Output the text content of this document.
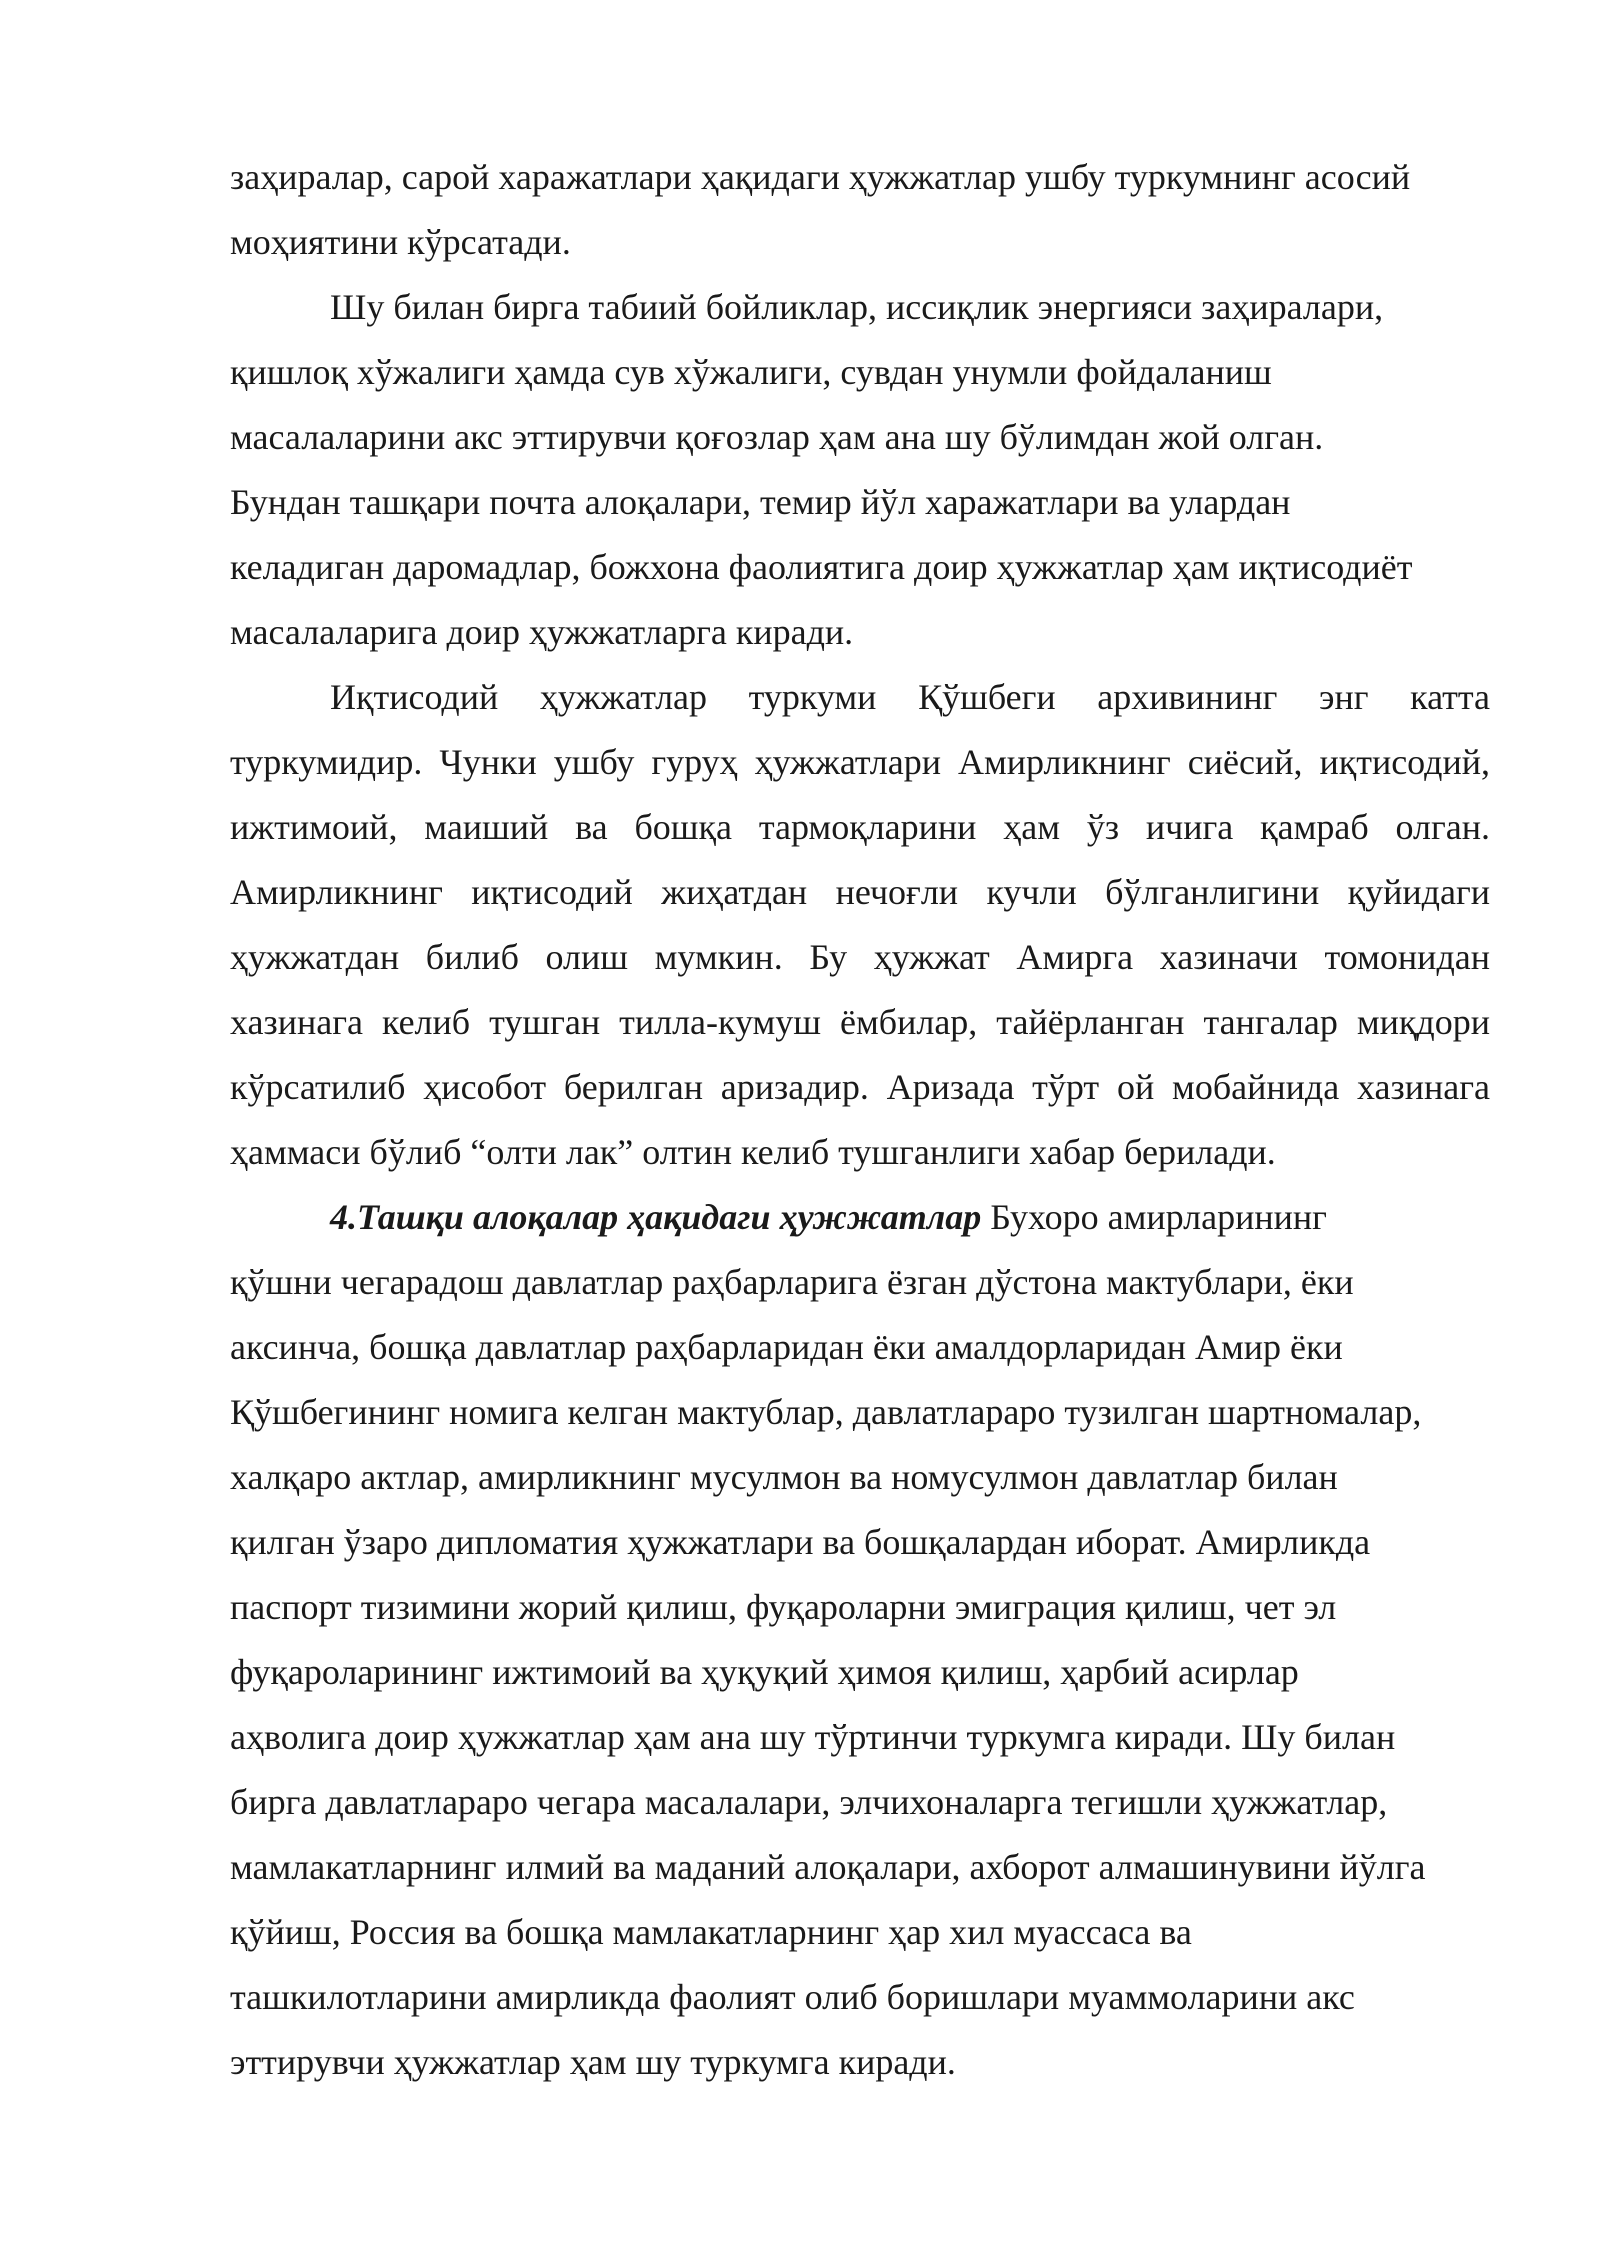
заҳиралар, сарой харажатлари ҳақидаги ҳужжатлар ушбу туркумнинг асосий
моҳиятини кўрсатади.
Шу билан бирга табиий бойликлар, иссиқлик энергияси заҳиралари,
қишлоқ хўжалиги ҳамда сув хўжалиги, сувдан унумли фойдаланиш
масалаларини акс эттирувчи қоғозлар ҳам ана шу бўлимдан жой олган.
Бундан ташқари почта алоқалари, темир йўл харажатлари ва улардан
келадиган даромадлар, божхона фаолиятига доир ҳужжатлар ҳам иқтисодиёт
масалаларига доир ҳужжатларга киради.
Иқтисодий ҳужжатлар туркуми Қўшбеги архивининг энг катта
туркумидир. Чунки ушбу гуруҳ ҳужжатлари Амирликнинг сиёсий, иқтисодий,
ижтимоий, маиший ва бошқа тармоқларини ҳам ўз ичига қамраб олган.
Амирликнинг иқтисодий жиҳатдан нечоғли кучли бўлганлигини қуйидаги
ҳужжатдан билиб олиш мумкин. Бу ҳужжат Амирга хазиначи томонидан
хазинага келиб тушган тилла-кумуш ёмбилар, тайёрланган тангалар миқдори
кўрсатилиб ҳисобот берилган аризадир. Аризада тўрт ой мобайнида хазинага
ҳаммаси бўлиб “олти лак” олтин келиб тушганлиги хабар берилади.
4.Ташқи алоқалар ҳақидаги ҳужжатлар Бухоро амирларининг
қўшни чегарадош давлатлар раҳбарларига ёзган дўстона мактублари, ёки
аксинча, бошқа давлатлар раҳбарларидан ёки амалдорларидан Амир ёки
Қўшбегининг номига келган мактублар, давлатлараро тузилган шартномалар,
халқаро актлар, амирликнинг мусулмон ва номусулмон давлатлар билан
қилган ўзаро дипломатия ҳужжатлари ва бошқалардан иборат. Амирликда
паспорт тизимини жорий қилиш, фуқароларни эмиграция қилиш, чет эл
фуқароларининг ижтимоий ва ҳуқуқий ҳимоя қилиш, ҳарбий асирлар
аҳволига доир ҳужжатлар ҳам ана шу тўртинчи туркумга киради. Шу билан
бирга давлатлараро чегара масалалари, элчихоналарга тегишли ҳужжатлар,
мамлакатларнинг илмий ва маданий алоқалари, ахборот алмашинувини йўлга
қўйиш, Россия ва бошқа мамлакатларнинг ҳар хил муассаса ва
ташкилотларини амирликда фаолият олиб боришлари муаммоларини акс
эттирувчи ҳужжатлар ҳам шу туркумга киради.
